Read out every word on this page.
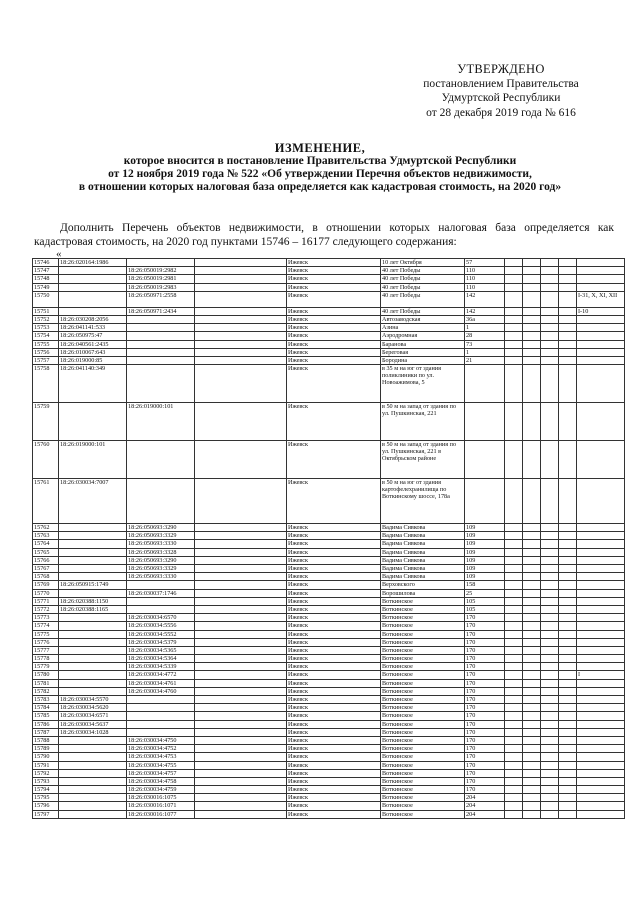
УТВЕРЖДЕНО
постановлением Правительства
Удмуртской Республики
от 28 декабря 2019 года № 616
ИЗМЕНЕНИЕ,
которое вносится в постановление Правительства Удмуртской Республики
от 12 ноября 2019 года № 522 «Об утверждении Перечня объектов недвижимости,
в отношении которых налоговая база определяется как кадастровая стоимость, на 2020 год»
Дополнить Перечень объектов недвижимости, в отношении которых налоговая база определяется как кадастровая стоимость, на 2020 год пунктами 15746 – 16177 следующего содержания:
«
15746	18:26:020164:1986			Ижевск	10 лет Октября	57					
15747		18:26:050019:2982		Ижевск	40 лет Победы	110					
15748		18:26:050019:2981		Ижевск	40 лет Победы	110					
15749		18:26:050019:2983		Ижевск	40 лет Победы	110					
15750		18:26:050971:2558		Ижевск	40 лет Победы	142					I-31, X, XI, XII
15751		18:26:050971:2434		Ижевск	40 лет Победы	142					I-10
15752	18:26:030208:2056			Ижевск	Автозаводская	36а					
15753	18:26:041141:533			Ижевск	Азина	1					
15754	18:26:050975:47			Ижевск	Аэродромная	28					
15755	18:26:040561:2435			Ижевск	Баранова	73					
15756	18:26:010067:643			Ижевск	Береговая	1					
15757	18:26:019000:85			Ижевск	Бородина	21					
15758	18:26:041140:349			Ижевск	в 35 м на юг от здания поликлиники по ул. Новоажимова, 5						
15759		18:26:019000:101		Ижевск	в 50 м на запад от здания по ул. Пушкинская, 221						
15760	18:26:019000:101			Ижевск	в 50 м на запад от здания по ул. Пушкинская, 221 в Октябрьском районе						
15761	18:26:030034:7007			Ижевск	в 50 м на юг от здания картофелехранилища по Воткинскому шоссе, 178а						
15762		18:26:050693:3290		Ижевск	Вадима Сивкова	109					
15763		18:26:050693:3329		Ижевск	Вадима Сивкова	109					
15764		18:26:050693:3330		Ижевск	Вадима Сивкова	109					
15765		18:26:050693:3328		Ижевск	Вадима Сивкова	109					
15766		18:26:050693:3290		Ижевск	Вадима Сивкова	109					
15767		18:26:050693:3329		Ижевск	Вадима Сивкова	109					
15768		18:26:050693:3330		Ижевск	Вадима Сивкова	109					
15769	18:26:050915:1749			Ижевск	Верховского	158					
15770		18:26:030037:1746		Ижевск	Ворошилова	25					
15771	18:26:020388:1150			Ижевск	Воткинское	105					
15772	18:26:020388:1165			Ижевск	Воткинское	105					
15773		18:26:030034:6570		Ижевск	Воткинское	170					
15774		18:26:030034:5556		Ижевск	Воткинское	170					
15775		18:26:030034:5552		Ижевск	Воткинское	170					
15776		18:26:030034:5379		Ижевск	Воткинское	170					
15777		18:26:030034:5365		Ижевск	Воткинское	170					
15778		18:26:030034:5364		Ижевск	Воткинское	170					
15779		18:26:030034:5339		Ижевск	Воткинское	170					
15780		18:26:030034:4772		Ижевск	Воткинское	170					I
15781		18:26:030034:4761		Ижевск	Воткинское	170					
15782		18:26:030034:4760		Ижевск	Воткинское	170					
15783	18:26:030034:5570			Ижевск	Воткинское	170					
15784	18:26:030034:5620			Ижевск	Воткинское	170					
15785	18:26:030034:6571			Ижевск	Воткинское	170					
15786	18:26:030034:5637			Ижевск	Воткинское	170					
15787	18:26:030034:1028			Ижевск	Воткинское	170					
15788		18:26:030034:4750		Ижевск	Воткинское	170					
15789		18:26:030034:4752		Ижевск	Воткинское	170					
15790		18:26:030034:4753		Ижевск	Воткинское	170					
15791		18:26:030034:4755		Ижевск	Воткинское	170					
15792		18:26:030034:4757		Ижевск	Воткинское	170					
15793		18:26:030034:4758		Ижевск	Воткинское	170					
15794		18:26:030034:4759		Ижевск	Воткинское	170					
15795		18:26:030016:1075		Ижевск	Воткинское	204					
15796		18:26:030016:1071		Ижевск	Воткинское	204					
15797		18:26:030016:1077		Ижевск	Воткинское	204					
